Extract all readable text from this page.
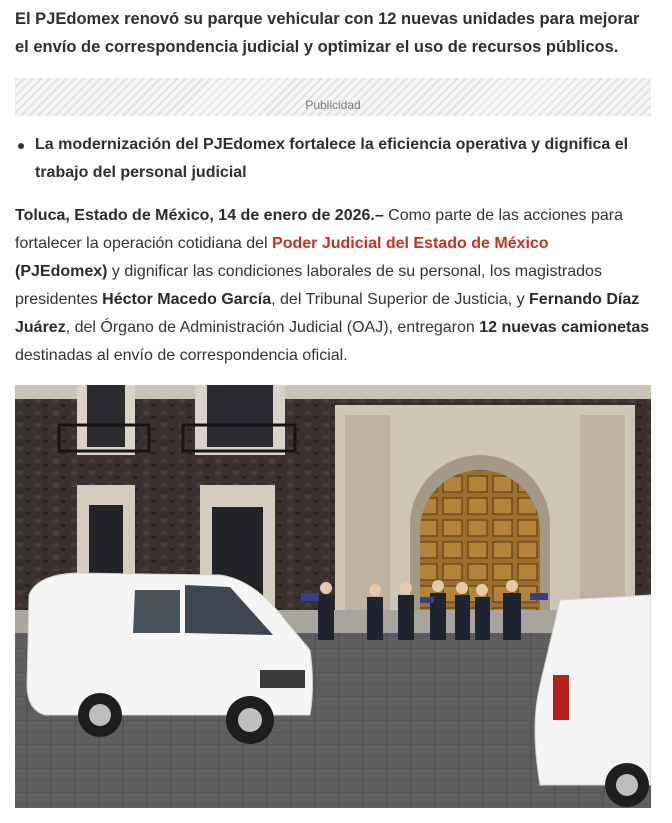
El PJEdomex renovó su parque vehicular con 12 nuevas unidades para mejorar el envío de correspondencia judicial y optimizar el uso de recursos públicos.

Publicidad
La modernización del PJEdomex fortalece la eficiencia operativa y dignifica el trabajo del personal judicial

Toluca, Estado de México, 14 de enero de 2026.– Como parte de las acciones para fortalecer la operación cotidiana del Poder Judicial del Estado de México
(PJEdomex) y dignificar las condiciones laborales de su personal, los magistrados presidentes Héctor Macedo García, del Tribunal Superior de Justicia, y Fernando Díaz Juárez, del Órgano de Administración Judicial (OAJ), entregaron 12 nuevas camionetas destinadas al envío de correspondencia oficial.
